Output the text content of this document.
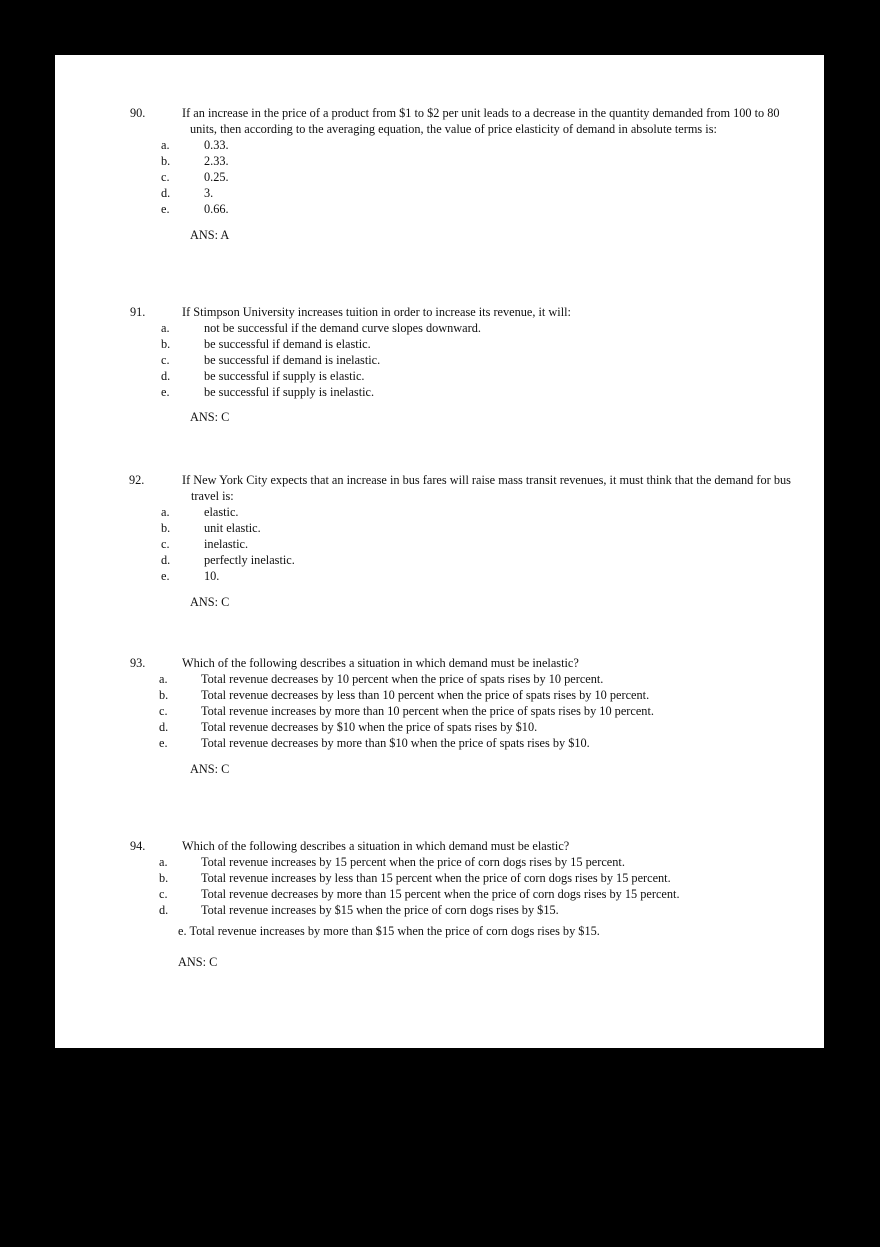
90.	If an increase in the price of a product from $1 to $2 per unit leads to a decrease in the quantity demanded from 100 to 80 units, then according to the averaging equation, the value of price elasticity of demand in absolute terms is:
a.	0.33.
b.	2.33.
c.	0.25.
d.	3.
e.	0.66.
ANS: A
91.	If Stimpson University increases tuition in order to increase its revenue, it will:
a.	not be successful if the demand curve slopes downward.
b.	be successful if demand is elastic.
c.	be successful if demand is inelastic.
d.	be successful if supply is elastic.
e.	be successful if supply is inelastic.
ANS: C
92.	If New York City expects that an increase in bus fares will raise mass transit revenues, it must think that the demand for bus travel is:
a.	elastic.
b.	unit elastic.
c.	inelastic.
d.	perfectly inelastic.
e.	10.
ANS: C
93.	Which of the following describes a situation in which demand must be inelastic?
a.	Total revenue decreases by 10 percent when the price of spats rises by 10 percent.
b.	Total revenue decreases by less than 10 percent when the price of spats rises by 10 percent.
c.	Total revenue increases by more than 10 percent when the price of spats rises by 10 percent.
d.	Total revenue decreases by $10 when the price of spats rises by $10.
e.	Total revenue decreases by more than $10 when the price of spats rises by $10.
ANS: C
94.	Which of the following describes a situation in which demand must be elastic?
a.	Total revenue increases by 15 percent when the price of corn dogs rises by 15 percent.
b.	Total revenue increases by less than 15 percent when the price of corn dogs rises by 15 percent.
c.	Total revenue decreases by more than 15 percent when the price of corn dogs rises by 15 percent.
d.	Total revenue increases by $15 when the price of corn dogs rises by $15.
e. Total revenue increases by more than $15 when the price of corn dogs rises by $15.
ANS: C
